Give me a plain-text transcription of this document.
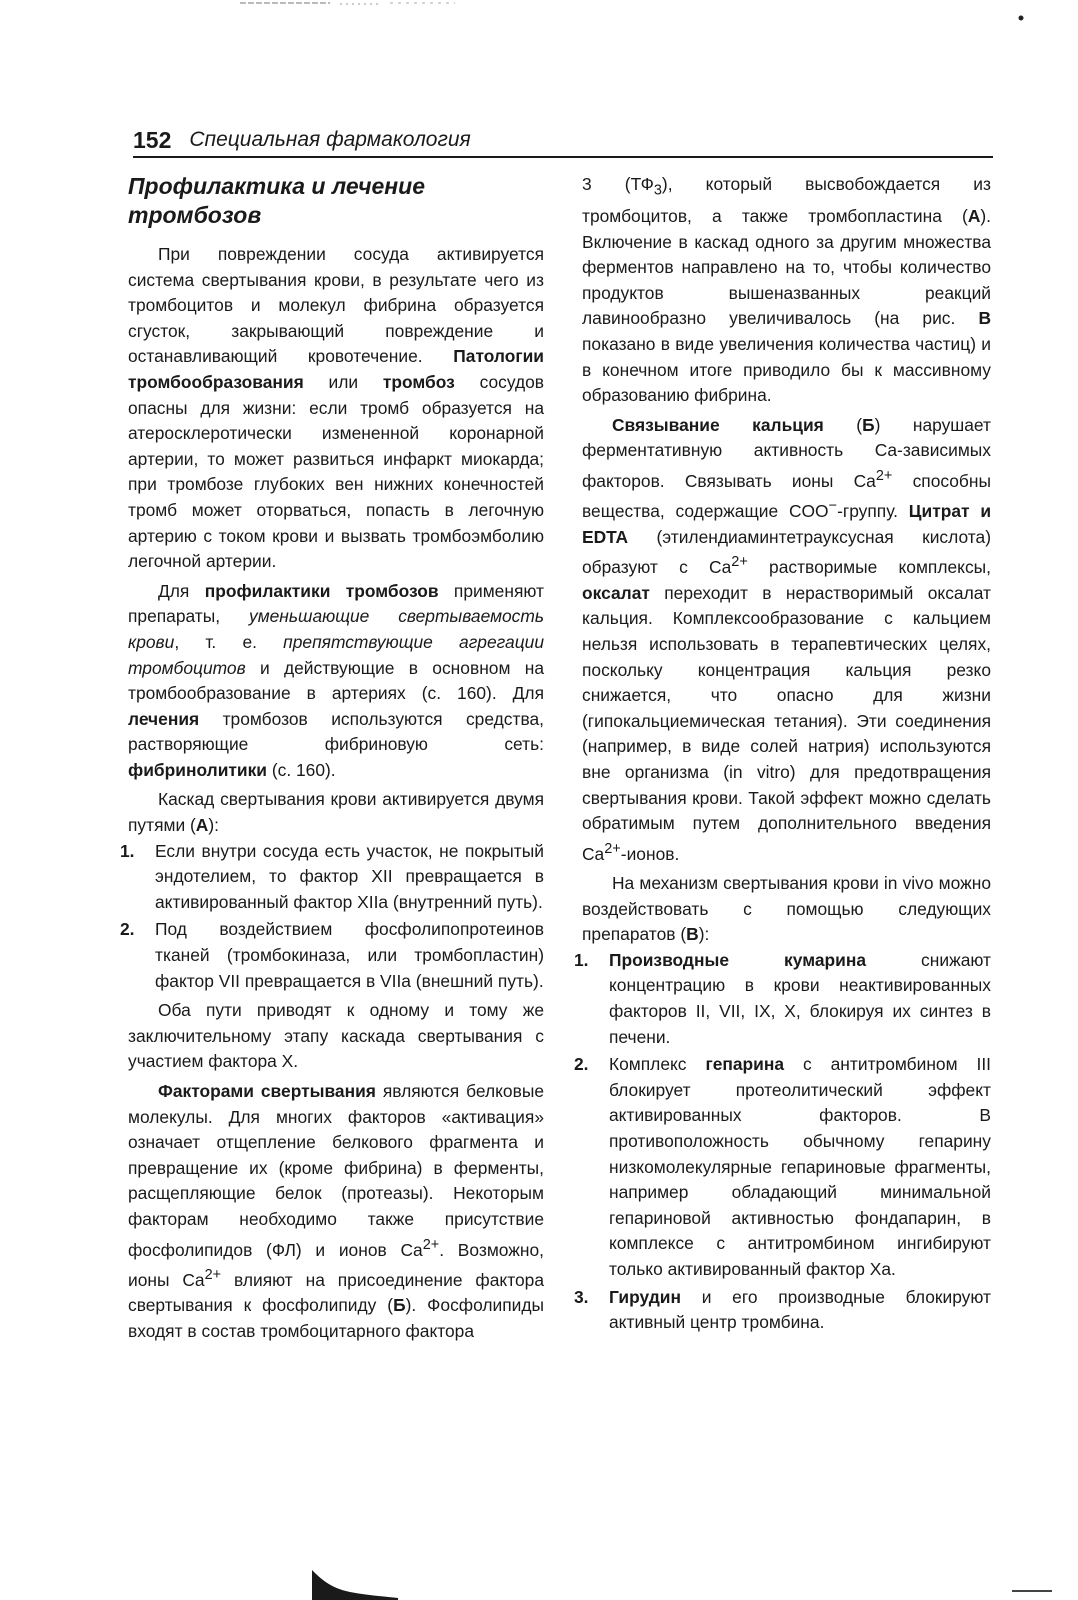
152 Специальная фармакология
Профилактика и лечение тромбозов

При повреждении сосуда активируется система свертывания крови, в результате чего из тромбоцитов и молекул фибрина образуется сгусток, закрывающий повреждение и останавливающий кровотечение. Патологии тромбообразования или тромбоз сосудов опасны для жизни: если тромб образуется на атеросклеротически измененной коронарной артерии, то может развиться инфаркт миокарда; при тромбозе глубоких вен нижних конечностей тромб может оторваться, попасть в легочную артерию с током крови и вызвать тромбоэмболию легочной артерии.

Для профилактики тромбозов применяют препараты, уменьшающие свертываемость крови, т. е. препятствующие агрегации тромбоцитов и действующие в основном на тромбообразование в артериях (с. 160). Для лечения тромбозов используются средства, растворяющие фибриновую сеть: фибринолитики (с. 160).

Каскад свертывания крови активируется двумя путями (А):

1.	Если внутри сосуда есть участок, не покрытый эндотелием, то фактор XII превращается в активированный фактор XIIa (внутренний путь).
2.	Под воздействием фосфолипопротеинов тканей (тромбокиназа, или тромбопластин) фактор VII превращается в VIIa (внешний путь).

Оба пути приводят к одному и тому же заключительному этапу каскада свертывания с участием фактора X.

Факторами свертывания являются белковые молекулы. Для многих факторов «активация» означает отщепление белкового фрагмента и превращение их (кроме фибрина) в ферменты, расщепляющие белок (протеазы). Некоторым факторам необходимо также присутствие фосфолипидов (ФЛ) и ионов $Ca^{2+}$. Возможно, ионы $Ca^{2+}$ влияют на присоединение фактора свертывания к фосфолипиду (Б). Фосфолипиды входят в состав тромбоцитарного фактора

3 $(ТФ_3)$, который высвобождается из тромбоцитов, а также тромбопластина (А). Включение в каскад одного за другим множества ферментов направлено на то, чтобы количество продуктов вышеназванных реакций лавинообразно увеличивалось (на рис. В показано в виде увеличения количества частиц) и в конечном итоге приводило бы к массивному образованию фибрина.

Связывание кальция (Б) нарушает ферментативную активность Ca-зависимых факторов. Связывать ионы $Ca^{2+}$ способны вещества, содержащие COO−-группу. Цитрат и EDTA (этилендиаминтетрауксусная кислота) образуют с $Ca^{2+}$ растворимые комплексы, оксалат переходит в нерастворимый оксалат кальция. Комплексообразование с кальцием нельзя использовать в терапевтических целях, поскольку концентрация кальция резко снижается, что опасно для жизни (гипокальциемическая тетания). Эти соединения (например, в виде солей натрия) используются вне организма (in vitro) для предотвращения свертывания крови. Такой эффект можно сделать обратимым путем дополнительного введения $Ca^{2+}$-ионов.

На механизм свертывания крови in vivo можно воздействовать с помощью следующих препаратов (В):

1.	Производные кумарина снижают концентрацию в крови неактивированных факторов II, VII, IX, X, блокируя их синтез в печени.
2.	Комплекс гепарина с антитромбином III блокирует протеолитический эффект активированных факторов. В противоположность обычному гепарину низкомолекулярные гепариновые фрагменты, например обладающий минимальной гепариновой активностью фондапарин, в комплексе с антитромбином ингибируют только активированный фактор Xa.
3.	Гирудин и его производные блокируют активный центр тромбина.
